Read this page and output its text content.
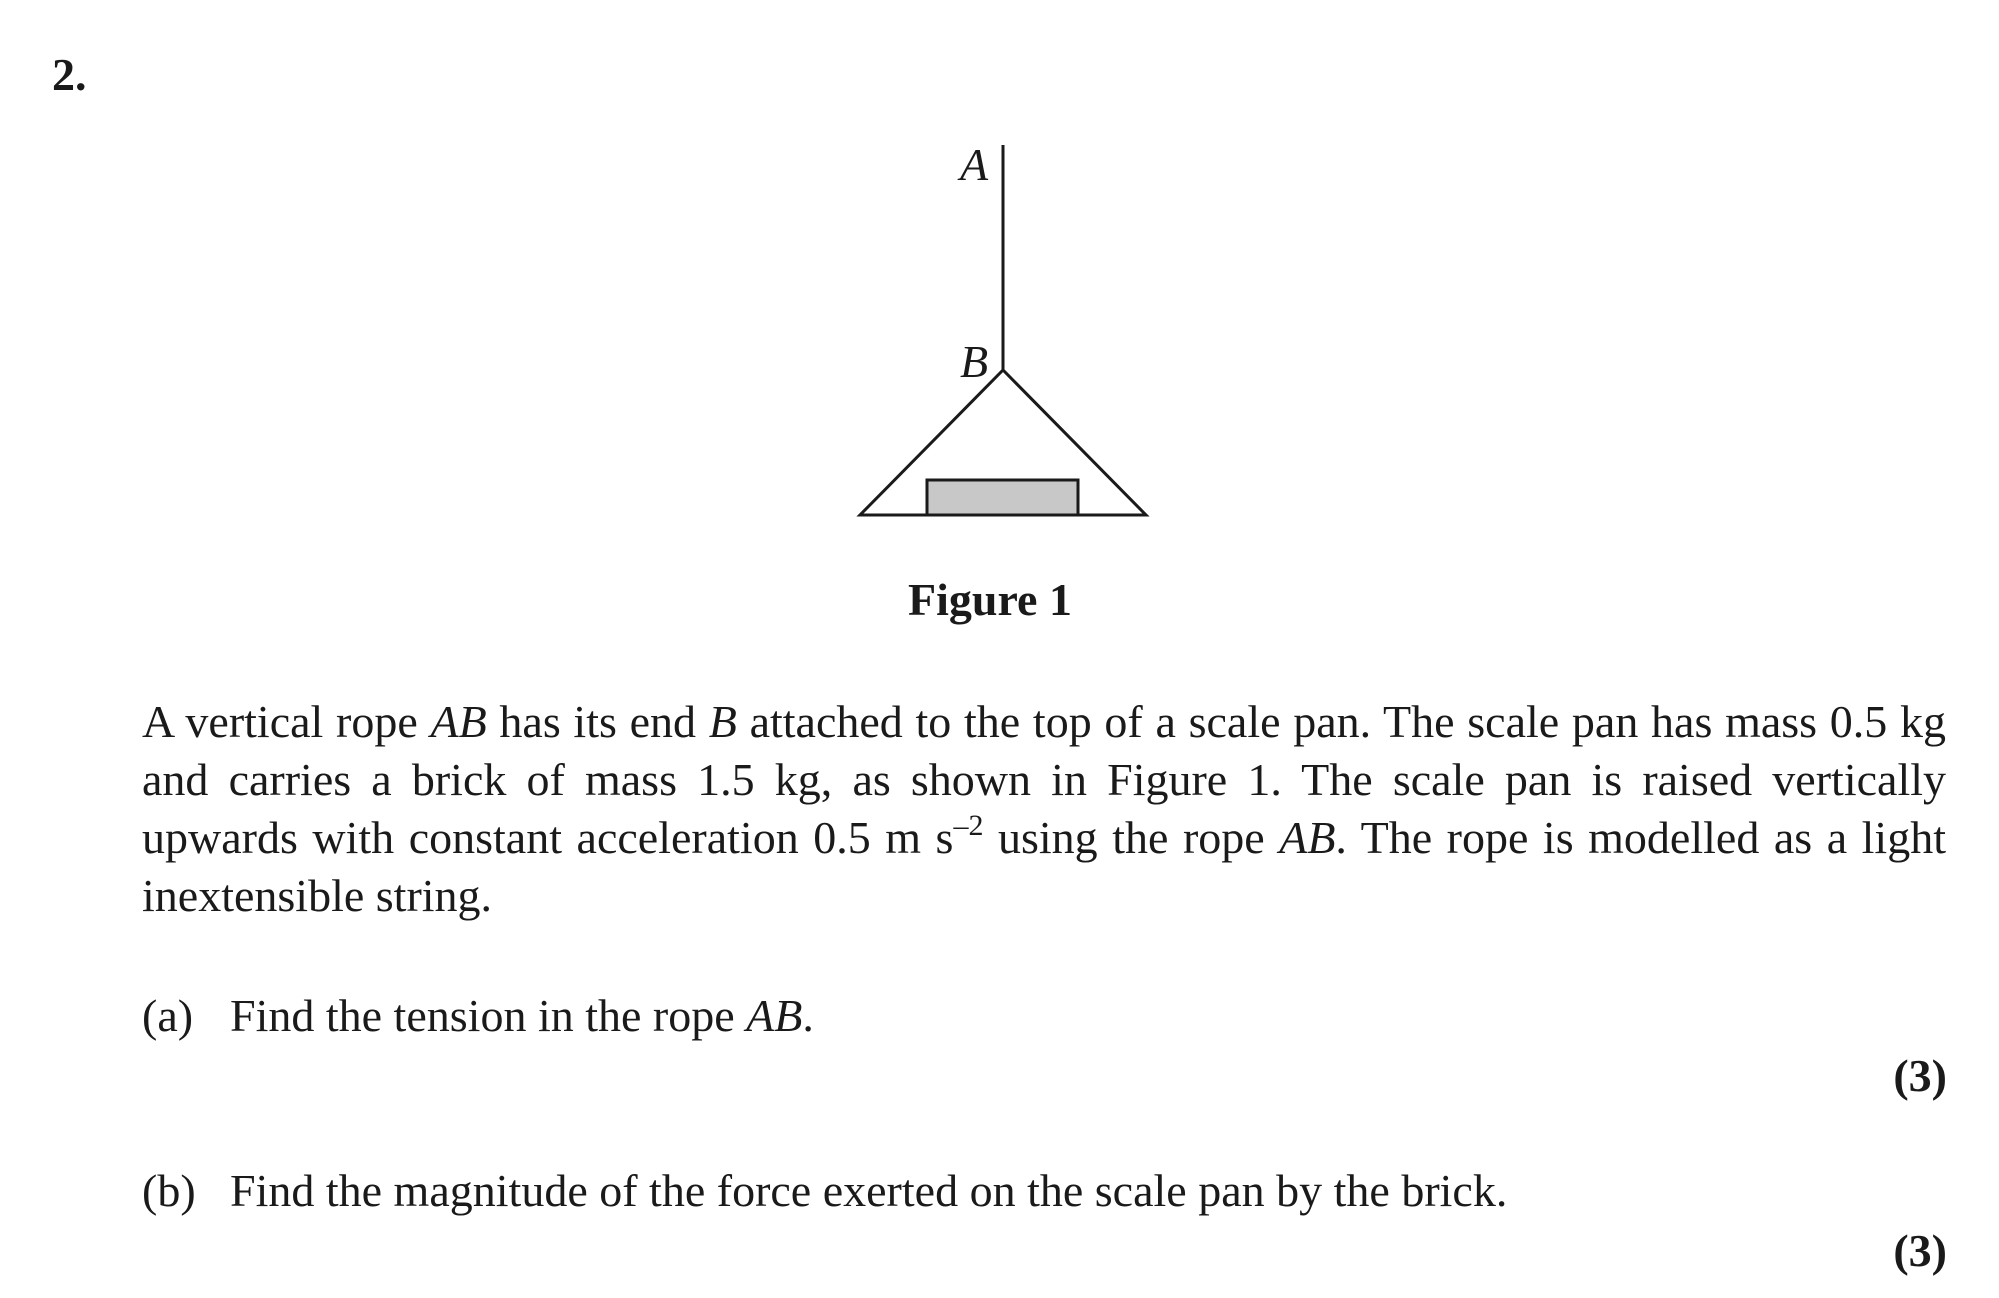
2.
A
B
Figure 1
A vertical rope AB has its end B attached to the top of a scale pan. The scale pan has mass 0.5 kg and carries a brick of mass 1.5 kg, as shown in Figure 1. The scale pan is raised vertically upwards with constant acceleration 0.5 m $s^{-2}$ using the rope AB. The rope is modelled as a light inextensible string.
(a) Find the tension in the rope AB.
(3)
(b) Find the magnitude of the force exerted on the scale pan by the brick.
(3)
